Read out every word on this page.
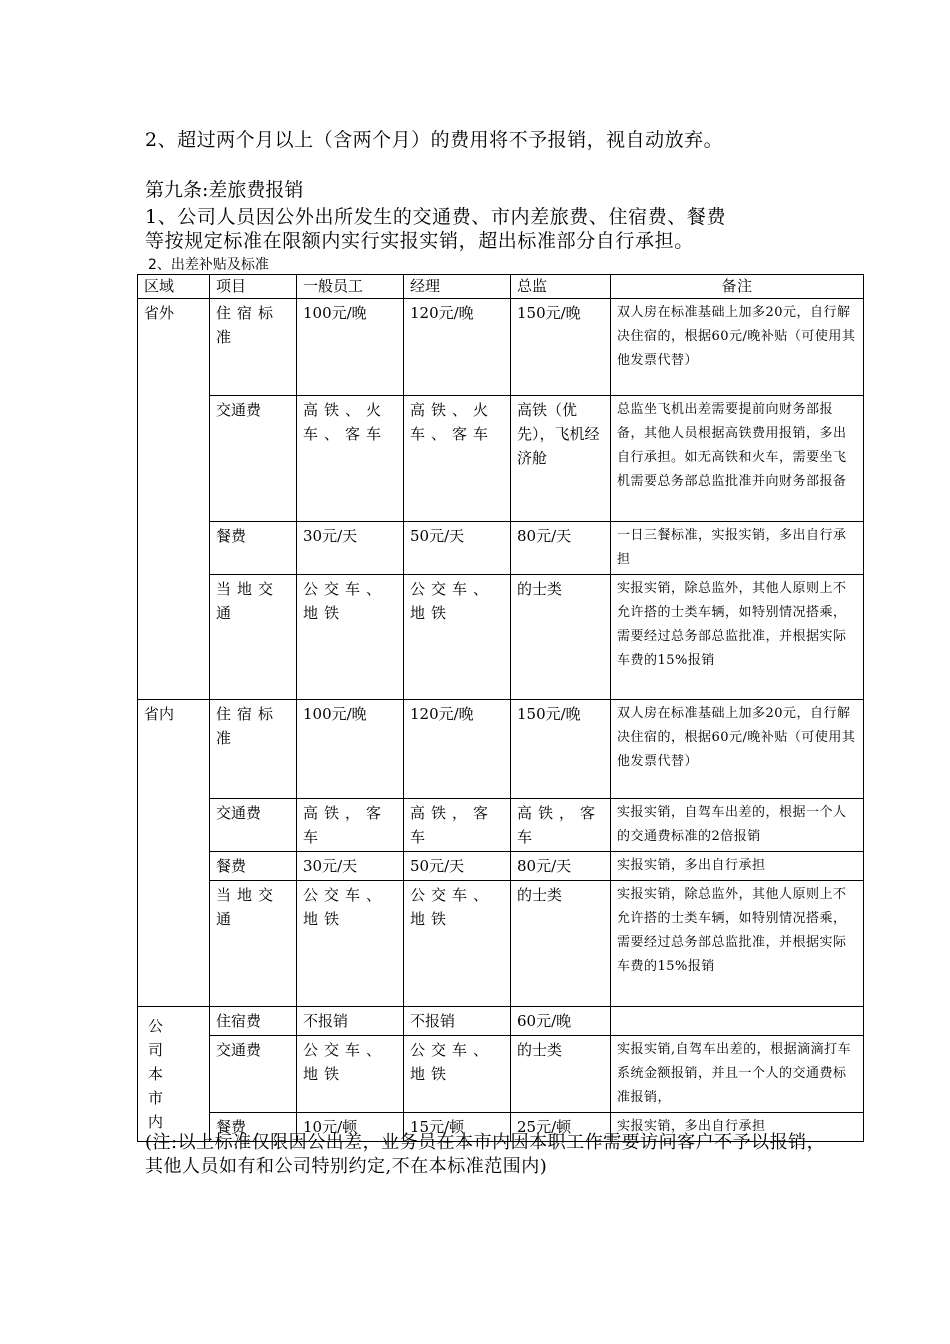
2、超过两个月以上（含两个月）的费用将不予报销，视自动放弃。
第九条:差旅费报销
1、公司人员因公外出所发生的交通费、市内差旅费、住宿费、餐费
等按规定标准在限额内实行实报实销，超出标准部分自行承担。
2、出差补贴及标准
区域	项目	一般员工	经理	总监	备注
省外	住宿标准	100元/晚	120元/晚	150元/晚	双人房在标准基础上加多20元，自行解决住宿的，根据60元/晚补贴（可使用其他发票代替）
	交通费	高铁、火车、客车	高铁、火车、客车	高铁（优先），飞机经济舱	总监坐飞机出差需要提前向财务部报备，其他人员根据高铁费用报销，多出自行承担。如无高铁和火车，需要坐飞机需要总务部总监批准并向财务部报备
	餐费	30元/天	50元/天	80元/天	一日三餐标准，实报实销，多出自行承担
	当地交通	公交车、地铁	公交车、地铁	的士类	实报实销，除总监外，其他人原则上不允许搭的士类车辆，如特别情况搭乘，需要经过总务部总监批准，并根据实际车费的15%报销
省内	住宿标准	100元/晚	120元/晚	150元/晚	双人房在标准基础上加多20元，自行解决住宿的，根据60元/晚补贴（可使用其他发票代替）
	交通费	高铁，客车	高铁，客车	高铁，客车	实报实销，自驾车出差的，根据一个人的交通费标准的2倍报销
	餐费	30元/天	50元/天	80元/天	实报实销，多出自行承担
	当地交通	公交车、地铁	公交车、地铁	的士类	实报实销，除总监外，其他人原则上不允许搭的士类车辆，如特别情况搭乘，需要经过总务部总监批准，并根据实际车费的15%报销
公司本市内	住宿费	不报销	不报销	60元/晚	
	交通费	公交车、地铁	公交车、地铁	的士类	实报实销,自驾车出差的，根据滴滴打车系统金额报销，并且一个人的交通费标准报销，
	餐费	10元/顿	15元/顿	25元/顿	实报实销，多出自行承担
(注:以上标准仅限因公出差，业务员在本市内因本职工作需要访问客户不予以报销，其他人员如有和公司特别约定,不在本标准范围内)
